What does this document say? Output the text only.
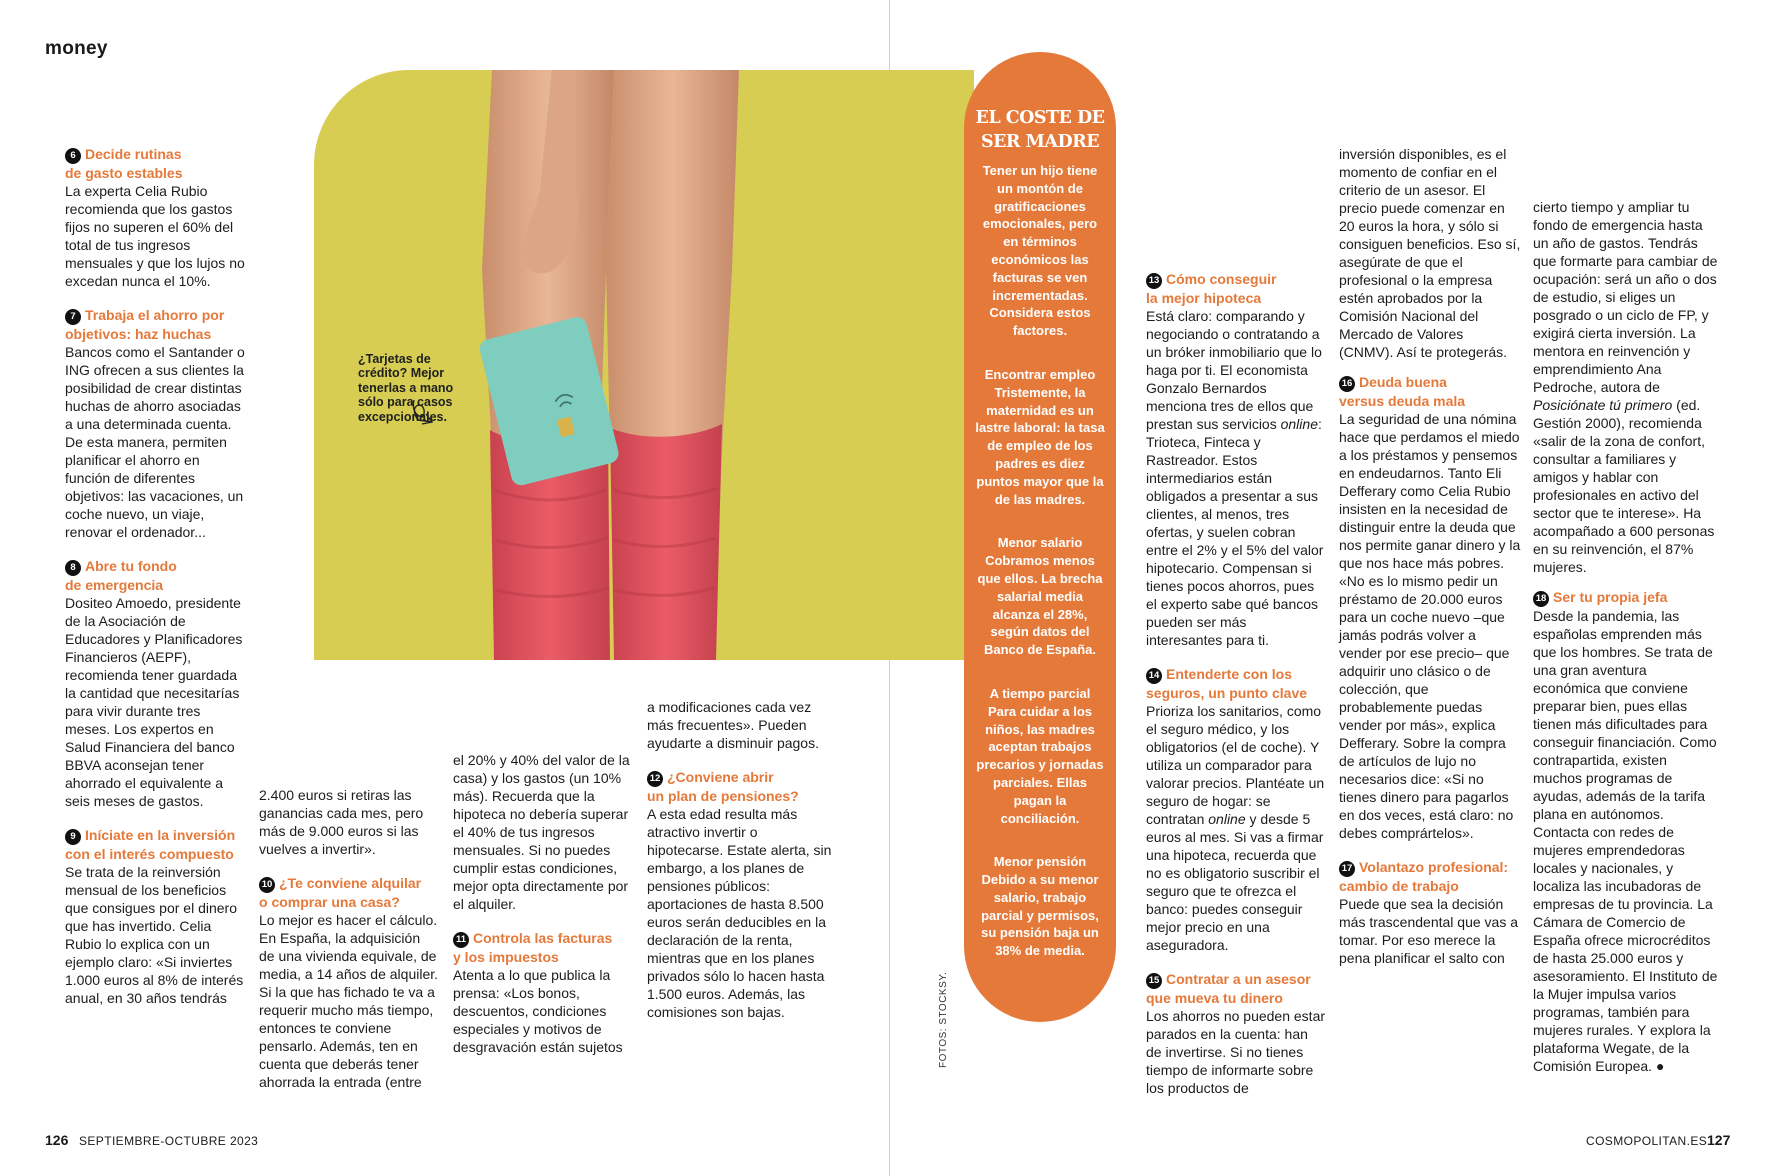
money
¿Tarjetas de crédito? Mejor tenerlas a mano sólo para casos excepcionales.
6 Decide rutinas
de gasto estables

La experta Celia Rubio recomienda que los gastos fijos no superen el 60% del total de tus ingresos mensuales y que los lujos no excedan nunca el 10%.

7 Trabaja el ahorro por
objetivos: haz huchas

Bancos como el Santander o ING ofrecen a sus clientes la posibilidad de crear distintas huchas de ahorro asociadas a una determinada cuenta. De esta manera, permiten planificar el ahorro en función de diferentes objetivos: las vacaciones, un coche nuevo, un viaje, renovar el ordenador...

8 Abre tu fondo
de emergencia

Dositeo Amoedo, presidente de la Asociación de Educadores y Planificadores Financieros (AEPF), recomienda tener guardada la cantidad que necesitarías para vivir durante tres meses. Los expertos en Salud Financiera del banco BBVA aconsejan tener ahorrado el equivalente a seis meses de gastos.

9 Iníciate en la inversión
con el interés compuesto

Se trata de la reinversión mensual de los beneficios que consigues por el dinero que has invertido. Celia Rubio lo explica con un ejemplo claro: «Si inviertes 1.000 euros al 8% de interés anual, en 30 años tendrás

2.400 euros si retiras las ganancias cada mes, pero más de 9.000 euros si las vuelves a invertir».

10 ¿Te conviene alquilar
o comprar una casa?

Lo mejor es hacer el cálculo. En España, la adquisición de una vivienda equivale, de media, a 14 años de alquiler. Si la que has fichado te va a requerir mucho más tiempo, entonces te conviene pensarlo. Además, ten en cuenta que deberás tener ahorrada la entrada (entre

el 20% y 40% del valor de la casa) y los gastos (un 10% más). Recuerda que la hipoteca no debería superar el 40% de tus ingresos mensuales. Si no puedes cumplir estas condiciones, mejor opta directamente por el alquiler.

11 Controla las facturas
y los impuestos

Atenta a lo que publica la prensa: «Los bonos, descuentos, condiciones especiales y motivos de desgravación están sujetos

a modificaciones cada vez más frecuentes». Pueden ayudarte a disminuir pagos.

12 ¿Conviene abrir
un plan de pensiones?

A esta edad resulta más atractivo invertir o hipotecarse. Estate alerta, sin embargo, a los planes de pensiones públicos: aportaciones de hasta 8.500 euros serán deducibles en la declaración de la renta, mientras que en los planes privados sólo lo hacen hasta 1.500 euros. Además, las comisiones son bajas.

EL COSTE DE
SER MADRE

Tener un hijo tiene un montón de gratificaciones emocionales, pero en términos económicos las facturas se ven incrementadas. Considera estos factores.

Encontrar empleo

Tristemente, la maternidad es un lastre laboral: la tasa de empleo de los padres es diez puntos mayor que la de las madres.

Menor salario

Cobramos menos que ellos. La brecha salarial media alcanza el 28%, según datos del Banco de España.

A tiempo parcial

Para cuidar a los niños, las madres aceptan trabajos precarios y jornadas parciales. Ellas pagan la conciliación.

Menor pensión

Debido a su menor salario, trabajo parcial y permisos, su pensión baja un 38% de media.

FOTOS: STOCKSY.
13 Cómo conseguir
la mejor hipoteca

Está claro: comparando y negociando o contratando a un bróker inmobiliario que lo haga por ti. El economista Gonzalo Bernardos menciona tres de ellos que prestan sus servicios online: Trioteca, Finteca y Rastreador. Estos intermediarios están obligados a presentar a sus clientes, al menos, tres ofertas, y suelen cobran entre el 2% y el 5% del valor hipotecario. Compensan si tienes pocos ahorros, pues el experto sabe qué bancos pueden ser más interesantes para ti.

14 Entenderte con los
seguros, un punto clave

Prioriza los sanitarios, como el seguro médico, y los obligatorios (el de coche). Y utiliza un comparador para valorar precios. Plantéate un seguro de hogar: se contratan online y desde 5 euros al mes. Si vas a firmar una hipoteca, recuerda que no es obligatorio suscribir el seguro que te ofrezca el banco: puedes conseguir mejor precio en una aseguradora.

15 Contratar a un asesor
que mueva tu dinero

Los ahorros no pueden estar parados en la cuenta: han de invertirse. Si no tienes tiempo de informarte sobre los productos de

inversión disponibles, es el momento de confiar en el criterio de un asesor. El precio puede comenzar en 20 euros la hora, y sólo si consiguen beneficios. Eso sí, asegúrate de que el profesional o la empresa estén aprobados por la Comisión Nacional del Mercado de Valores (CNMV). Así te protegerás.

16 Deuda buena
versus deuda mala

La seguridad de una nómina hace que perdamos el miedo a los préstamos y pensemos en endeudarnos. Tanto Eli Defferary como Celia Rubio insisten en la necesidad de distinguir entre la deuda que nos permite ganar dinero y la que nos hace más pobres. «No es lo mismo pedir un préstamo de 20.000 euros para un coche nuevo –que jamás podrás volver a vender por ese precio– que adquirir uno clásico o de colección, que probablemente puedas vender por más», explica Defferary. Sobre la compra de artículos de lujo no necesarios dice: «Si no tienes dinero para pagarlos en dos veces, está claro: no debes comprártelos».

17 Volantazo profesional:
cambio de trabajo

Puede que sea la decisión más trascendental que vas a tomar. Por eso merece la pena planificar el salto con

cierto tiempo y ampliar tu fondo de emergencia hasta un año de gastos. Tendrás que formarte para cambiar de ocupación: será un año o dos de estudio, si eliges un posgrado o un ciclo de FP, y exigirá cierta inversión. La mentora en reinvención y emprendimiento Ana Pedroche, autora de Posiciónate tú primero (ed. Gestión 2000), recomienda «salir de la zona de confort, consultar a familiares y amigos y hablar con profesionales en activo del sector que te interese». Ha acompañado a 600 personas en su reinvención, el 87% mujeres.

18 Ser tu propia jefa

Desde la pandemia, las españolas emprenden más que los hombres. Se trata de una gran aventura económica que conviene preparar bien, pues ellas tienen más dificultades para conseguir financiación. Como contrapartida, existen muchos programas de ayudas, además de la tarifa plana en autónomos. Contacta con redes de mujeres emprendedoras locales y nacionales, y localiza las incubadoras de empresas de tu provincia. La Cámara de Comercio de España ofrece microcréditos de hasta 25.000 euros y asesoramiento. El Instituto de la Mujer impulsa varios programas, también para mujeres rurales. Y explora la plataforma Wegate, de la Comisión Europea. ●

126 SEPTIEMBRE-OCTUBRE 2023	COSMOPOLITAN.ES 127
